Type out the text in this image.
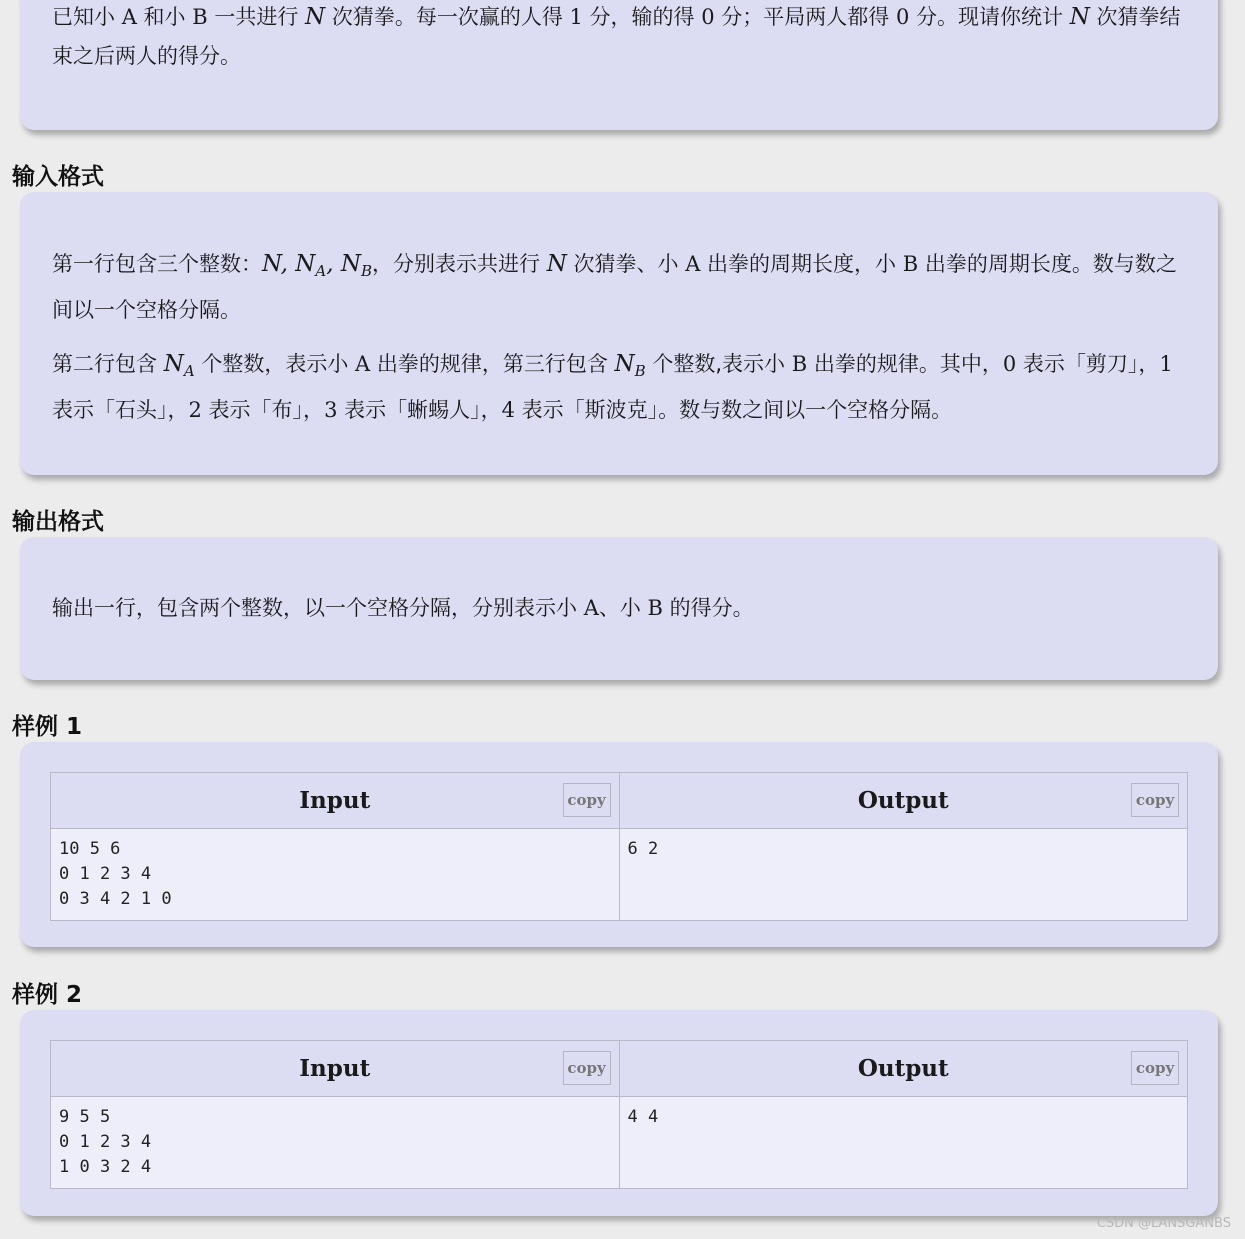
已知小 A 和小 B 一共进行 N 次猜拳。每一次赢的人得 1 分，输的得 0 分；平局两人都得 0 分。现请你统计 N 次猜拳结束之后两人的得分。

输入格式

第一行包含三个整数：N, $N_A$, $N_B$，分别表示共进行 N 次猜拳、小 A 出拳的周期长度，小 B 出拳的周期长度。数与数之间以一个空格分隔。

第二行包含 $N_A$ 个整数，表示小 A 出拳的规律，第三行包含 $N_B$ 个整数,表示小 B 出拳的规律。其中，0 表示「剪刀」，1 表示「石头」，2 表示「布」，3 表示「蜥蜴人」，4 表示「斯波克」。数与数之间以一个空格分隔。

输出格式

输出一行，包含两个整数，以一个空格分隔，分别表示小 A、小 B 的得分。

样例 1
Input copy	Output copy

10 5 6
0 1 2 3 4
0 3 4 2 1 0	6 2
样例 2
Input copy	Output copy

9 5 5
0 1 2 3 4
1 0 3 2 4	4 4
CSDN @LANSGANBS
